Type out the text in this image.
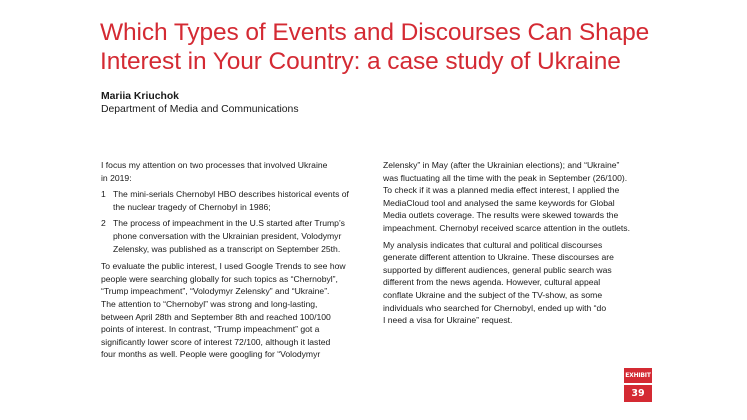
Which Types of Events and Discourses Can Shape
Interest in Your Country: a case study of Ukraine
Mariia Kriuchok
Department of Media and Communications

I focus my attention on two processes that involved Ukraine
in 2019:

1 The mini-serials Chernobyl HBO describes historical events of
the nuclear tragedy of Chernobyl in 1986;
2 The process of impeachment in the U.S started after Trump’s
phone conversation with the Ukrainian president, Volodymyr
Zelensky, was published as a transcript on September 25th.

To evaluate the public interest, I used Google Trends to see how
people were searching globally for such topics as “Chernobyl”,
“Trump impeachment”, “Volodymyr Zelensky” and “Ukraine”.
The attention to “Chernobyl” was strong and long-lasting,
between April 28th and September 8th and reached 100/100
points of interest. In contrast, “Trump impeachment” got a
significantly lower score of interest 72/100, although it lasted
four months as well. People were googling for “Volodymyr

Zelensky” in May (after the Ukrainian elections); and “Ukraine”
was fluctuating all the time with the peak in September (26/100).
To check if it was a planned media effect interest, I applied the
MediaCloud tool and analysed the same keywords for Global
Media outlets coverage. The results were skewed towards the
impeachment. Chernobyl received scarce attention in the outlets.

My analysis indicates that cultural and political discourses
generate different attention to Ukraine. These discourses are
supported by different audiences, general public search was
different from the news agenda. However, cultural appeal
conflate Ukraine and the subject of the TV-show, as some
individuals who searched for Chernobyl, ended up with “do
I need a visa for Ukraine” request.

EXHIBIT
39
